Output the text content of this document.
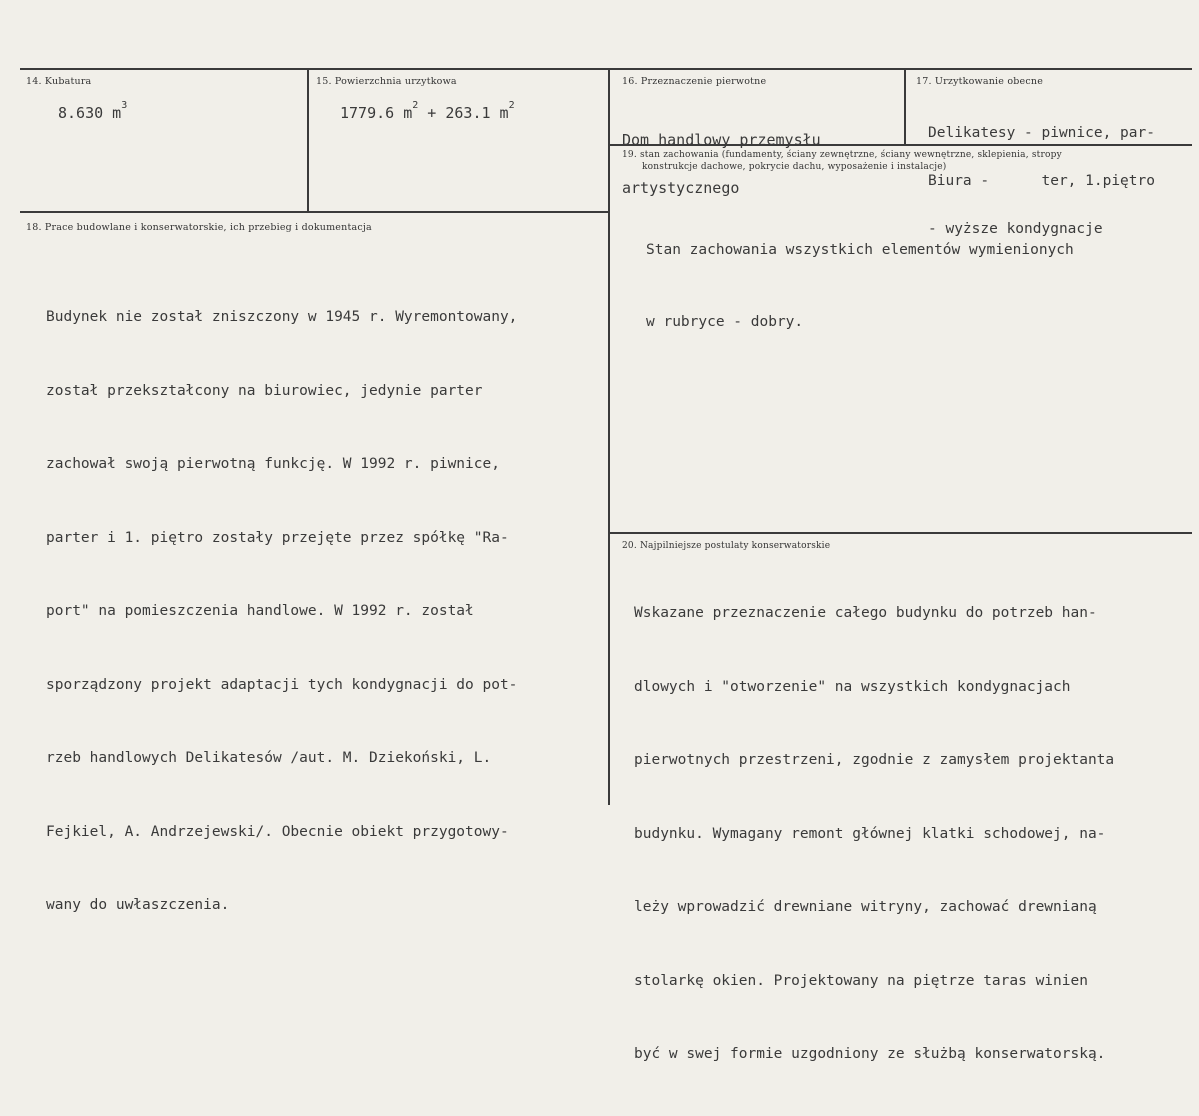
14. Kubatura
8.630 $m^3$
15. Powierzchnia urzytkowa
1779.6 $m^2 + 263.1$ $m^2$
16. Przeznaczenie pierwotne

Dom handlowy przemysłu

artystycznego

17. Urzytkowanie obecne

Delikatesy - piwnice, par-

Biura -      ter, 1.piętro

- wyższe kondygnacje

18. Prace budowlane i konserwatorskie, ich przebieg i dokumentacja

Budynek nie został zniszczony w 1945 r. Wyremontowany,

został przekształcony na biurowiec, jedynie parter

zachował swoją pierwotną funkcję. W 1992 r. piwnice,

parter i 1. piętro zostały przejęte przez spółkę "Ra-

port" na pomieszczenia handlowe. W 1992 r. został

sporządzony projekt adaptacji tych kondygnacji do pot-

rzeb handlowych Delikatesów /aut. M. Dziekoński, L.

Fejkiel, A. Andrzejewski/. Obecnie obiekt przygotowy-

wany do uwłaszczenia.

19. stan zachowania (fundamenty, ściany zewnętrzne, ściany wewnętrzne, sklepienia, stropy
konstrukcje dachowe, pokrycie dachu, wyposażenie i instalacje)

Stan zachowania wszystkich elementów wymienionych

w rubryce - dobry.

20. Najpilniejsze postulaty konserwatorskie

Wskazane przeznaczenie całego budynku do potrzeb han-

dlowych i "otworzenie" na wszystkich kondygnacjach

pierwotnych przestrzeni, zgodnie z zamysłem projektanta

budynku. Wymagany remont głównej klatki schodowej, na-

leży wprowadzić drewniane witryny, zachować drewnianą

stolarkę okien. Projektowany na piętrze taras winien

być w swej formie uzgodniony ze służbą konserwatorską.
